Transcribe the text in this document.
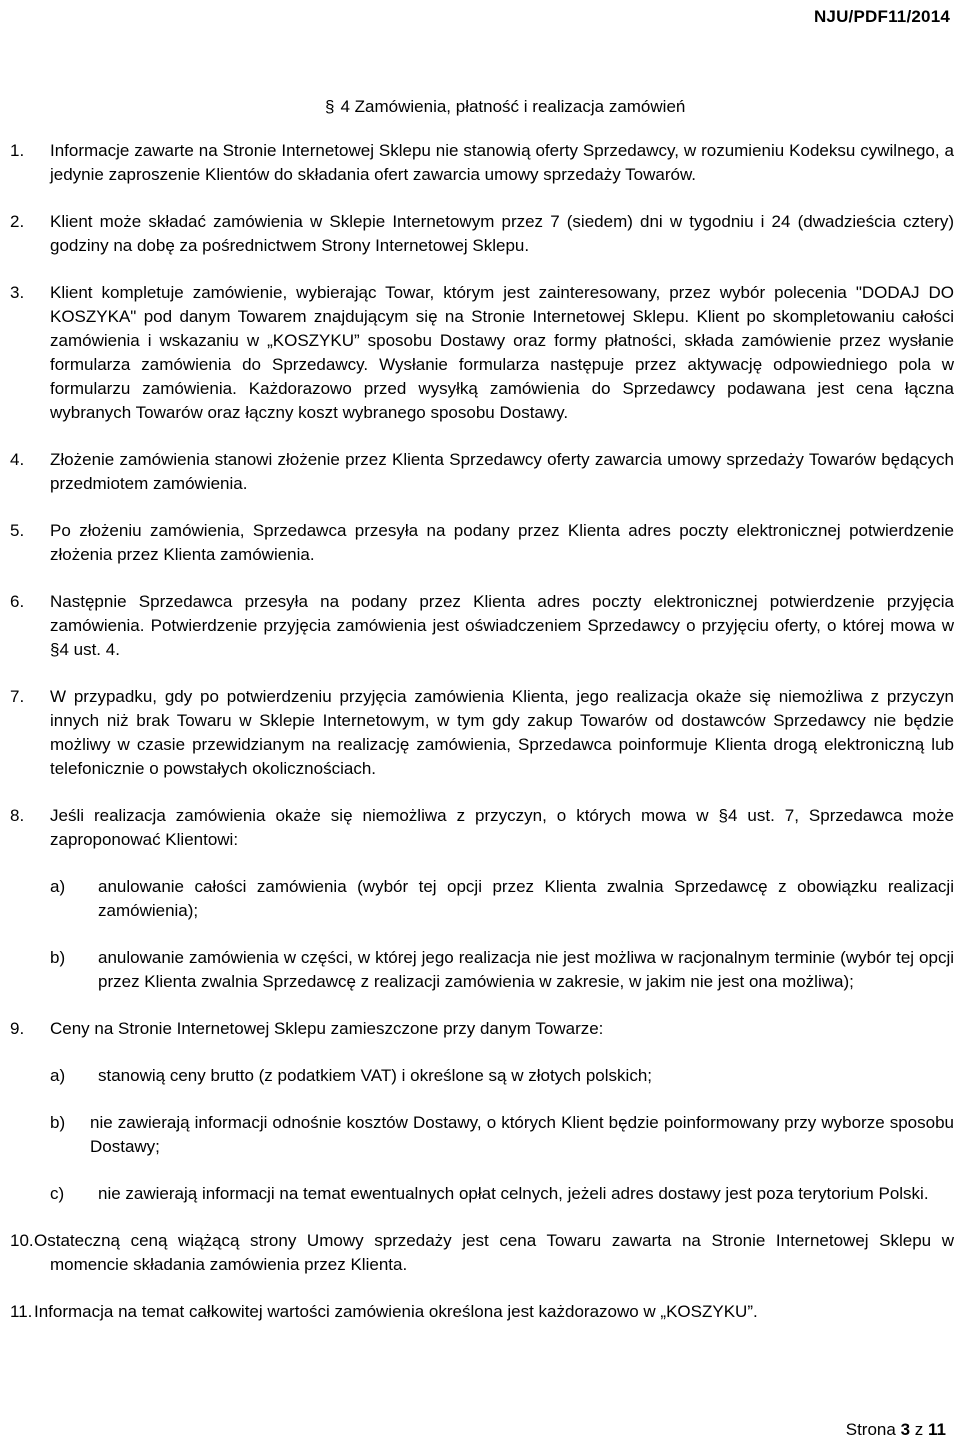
NJU/PDF11/2014
§ 4 Zamówienia, płatność i realizacja zamówień
1. Informacje zawarte na Stronie Internetowej Sklepu nie stanowią oferty Sprzedawcy, w rozumieniu Kodeksu cywilnego, a jedynie zaproszenie Klientów do składania ofert zawarcia umowy sprzedaży Towarów.
2. Klient może składać zamówienia w Sklepie Internetowym przez 7 (siedem) dni w tygodniu i 24 (dwadzieścia cztery) godziny na dobę za pośrednictwem Strony Internetowej Sklepu.
3. Klient kompletuje zamówienie, wybierając Towar, którym jest zainteresowany, przez wybór polecenia "DODAJ DO KOSZYKA" pod danym Towarem znajdującym się na Stronie Internetowej Sklepu. Klient po skompletowaniu całości zamówienia i wskazaniu w „KOSZYKU” sposobu Dostawy oraz formy płatności, składa zamówienie przez wysłanie formularza zamówienia do Sprzedawcy. Wysłanie formularza następuje przez aktywację odpowiedniego pola w formularzu zamówienia. Każdorazowo przed wysyłką zamówienia do Sprzedawcy podawana jest cena łączna wybranych Towarów oraz łączny koszt wybranego sposobu Dostawy.
4. Złożenie zamówienia stanowi złożenie przez Klienta Sprzedawcy oferty zawarcia umowy sprzedaży Towarów będących przedmiotem zamówienia.
5. Po złożeniu zamówienia, Sprzedawca przesyła na podany przez Klienta adres poczty elektronicznej potwierdzenie złożenia przez Klienta zamówienia.
6. Następnie Sprzedawca przesyła na podany przez Klienta adres poczty elektronicznej potwierdzenie przyjęcia zamówienia. Potwierdzenie przyjęcia zamówienia jest oświadczeniem Sprzedawcy o przyjęciu oferty, o której mowa w §4 ust. 4.
7. W przypadku, gdy po potwierdzeniu przyjęcia zamówienia Klienta, jego realizacja okaże się niemożliwa z przyczyn innych niż brak Towaru w Sklepie Internetowym, w tym gdy zakup Towarów od dostawców Sprzedawcy nie będzie możliwy w czasie przewidzianym na realizację zamówienia, Sprzedawca poinformuje Klienta drogą elektroniczną lub telefonicznie o powstałych okolicznościach.
8. Jeśli realizacja zamówienia okaże się niemożliwa z przyczyn, o których mowa w §4 ust. 7, Sprzedawca może zaproponować Klientowi:
a) anulowanie całości zamówienia (wybór tej opcji przez Klienta zwalnia Sprzedawcę z obowiązku realizacji zamówienia);
b) anulowanie zamówienia w części, w której jego realizacja nie jest możliwa w racjonalnym terminie (wybór tej opcji przez Klienta zwalnia Sprzedawcę z realizacji zamówienia w zakresie, w jakim nie jest ona możliwa);
9. Ceny na Stronie Internetowej Sklepu zamieszczone przy danym Towarze:
a) stanowią ceny brutto (z podatkiem VAT) i określone są w złotych polskich;
b)	nie zawierają informacji odnośnie kosztów Dostawy, o których Klient będzie poinformowany przy wyborze sposobu Dostawy;
c) nie zawierają informacji na temat ewentualnych opłat celnych, jeżeli adres dostawy jest poza terytorium Polski.
10. Ostateczną ceną wiążącą strony Umowy sprzedaży jest cena Towaru zawarta na Stronie Internetowej Sklepu w momencie składania zamówienia przez Klienta.
11. Informacja na temat całkowitej wartości zamówienia określona jest każdorazowo w „KOSZYKU”.
Strona 3 z 11
